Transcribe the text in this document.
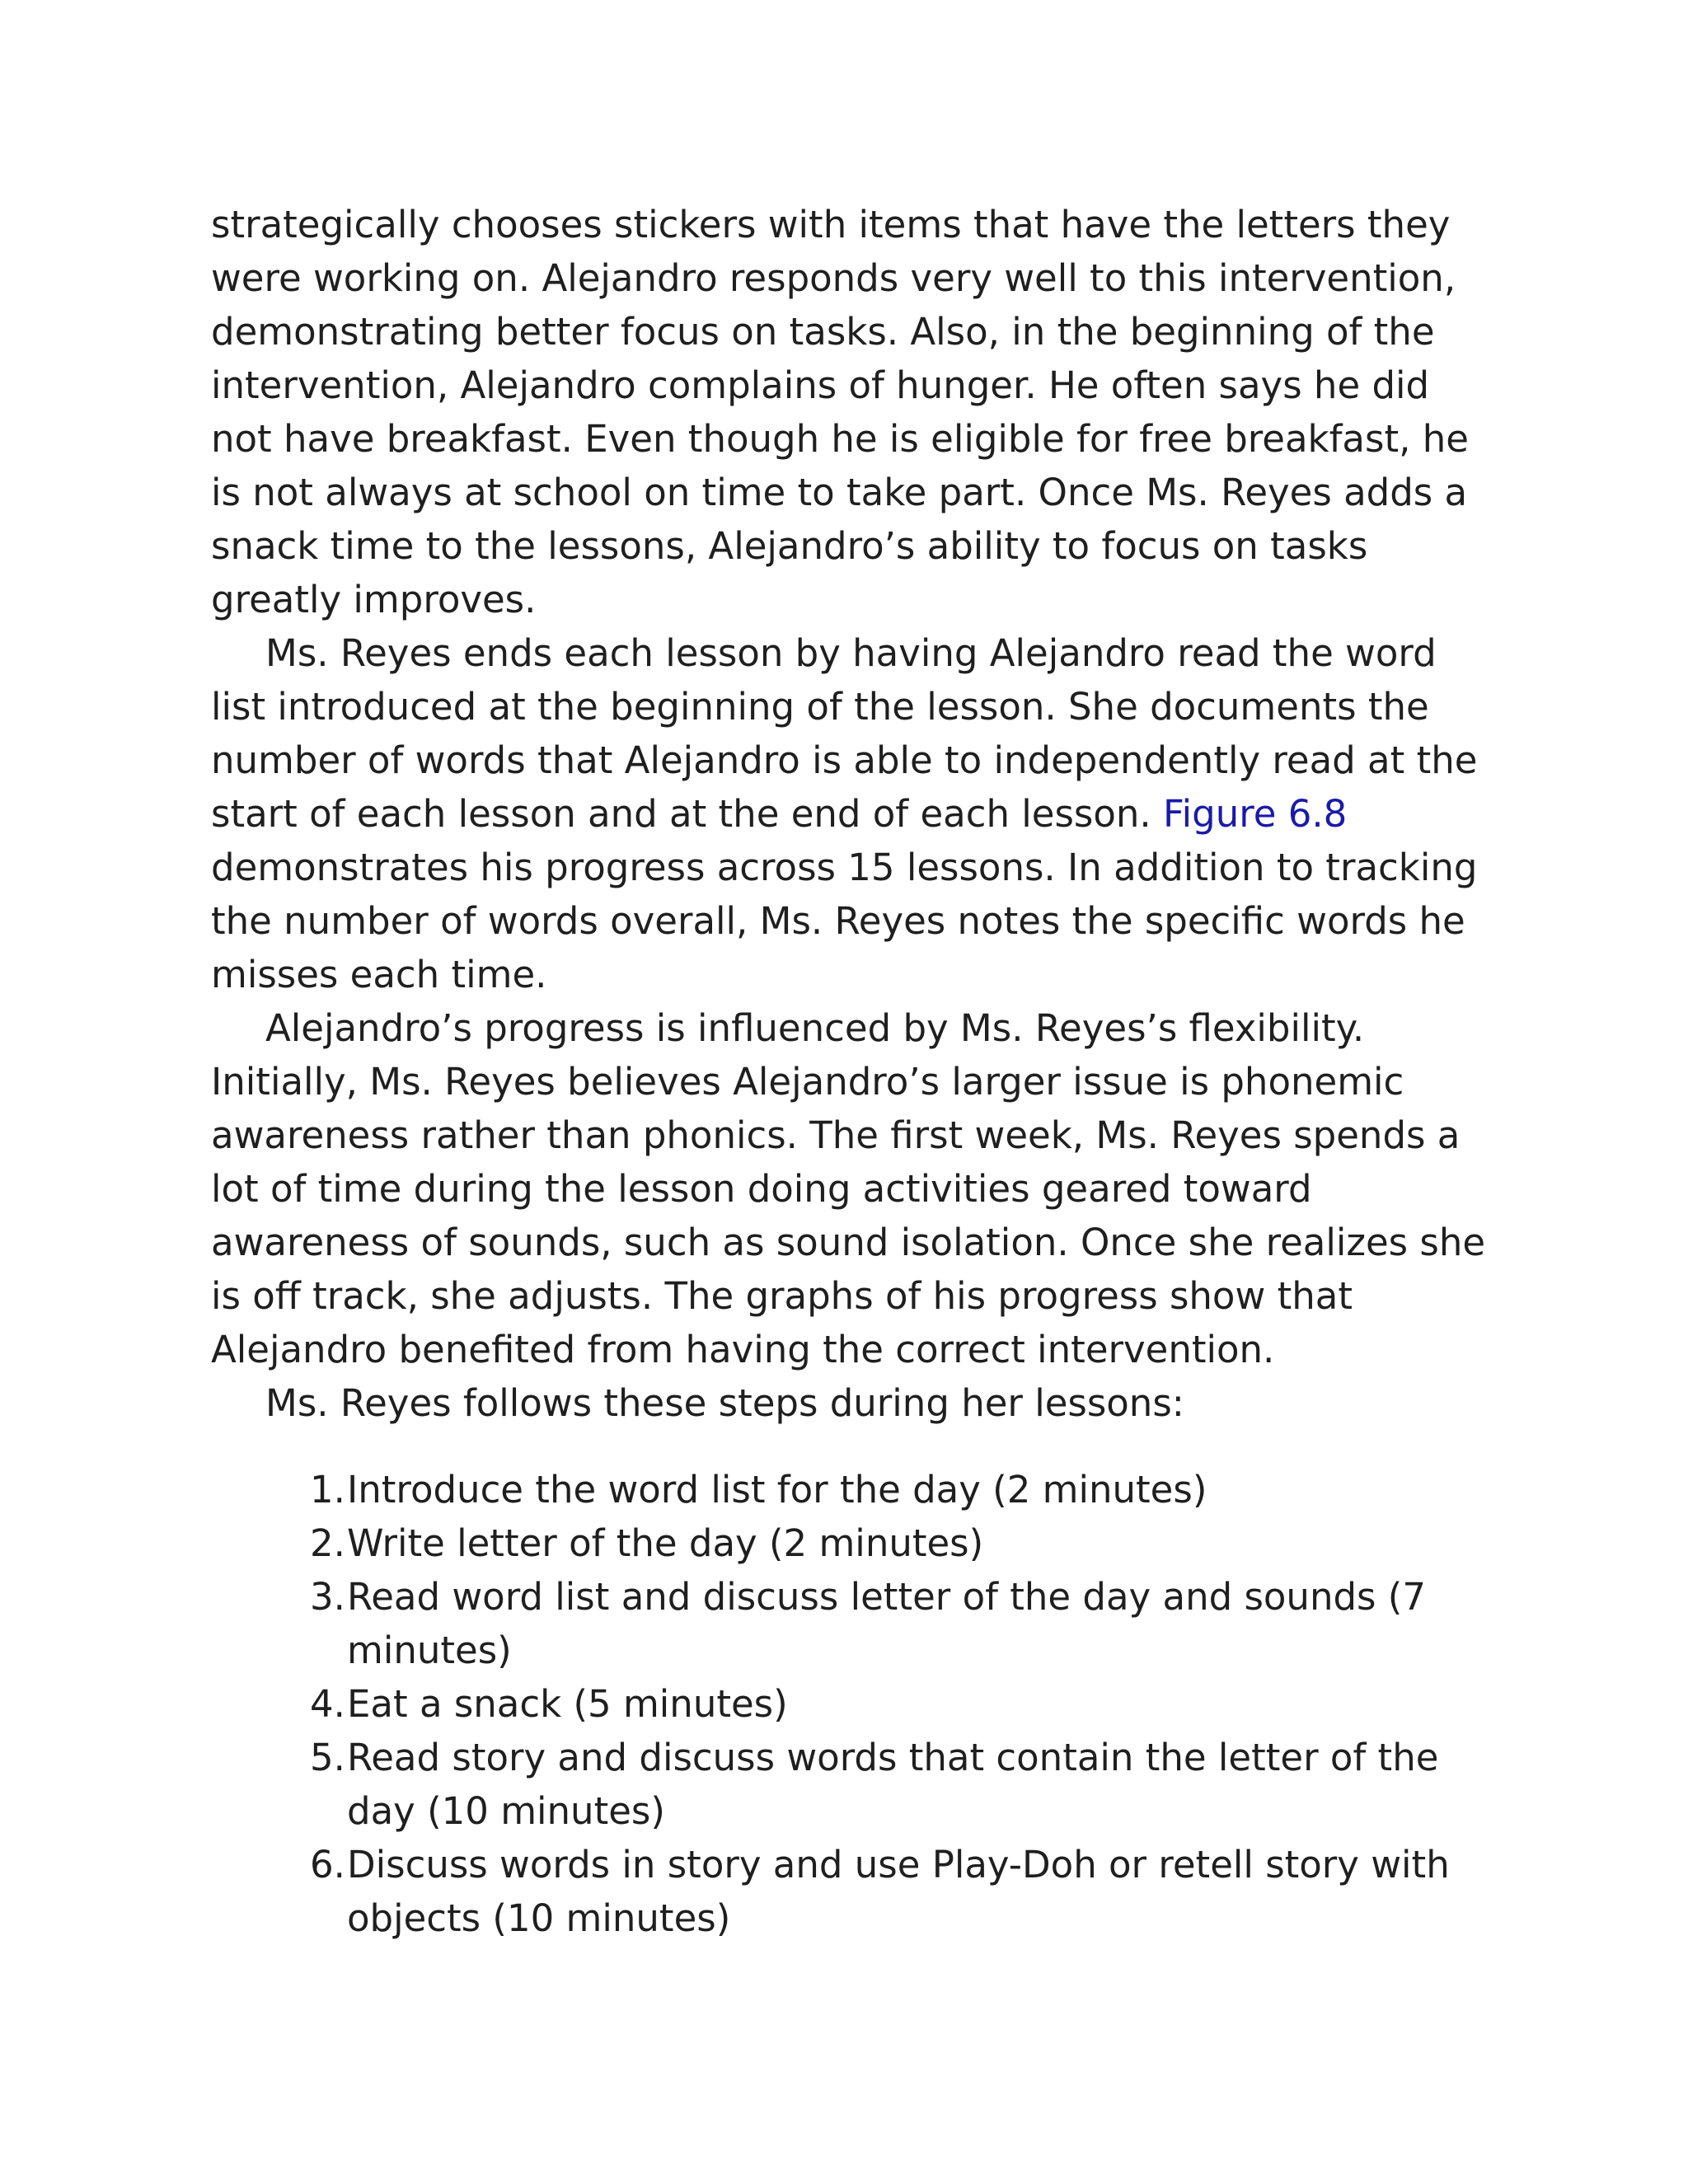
strategically chooses stickers with items that have the letters they were working on. Alejandro responds very well to this intervention, demonstrating better focus on tasks. Also, in the beginning of the intervention, Alejandro complains of hunger. He often says he did not have breakfast. Even though he is eligible for free breakfast, he is not always at school on time to take part. Once Ms. Reyes adds a snack time to the lessons, Alejandro’s ability to focus on tasks greatly improves.

Ms. Reyes ends each lesson by having Alejandro read the word list introduced at the beginning of the lesson. She documents the number of words that Alejandro is able to independently read at the start of each lesson and at the end of each lesson. Figure 6.8 demonstrates his progress across 15 lessons. In addition to tracking the number of words overall, Ms. Reyes notes the specific words he misses each time.

Alejandro’s progress is influenced by Ms. Reyes’s flexibility. Initially, Ms. Reyes believes Alejandro’s larger issue is phonemic awareness rather than phonics. The first week, Ms. Reyes spends a lot of time during the lesson doing activities geared toward awareness of sounds, such as sound isolation. Once she realizes she is off track, she adjusts. The graphs of his progress show that Alejandro benefited from having the correct intervention.

Ms. Reyes follows these steps during her lessons:

1. Introduce the word list for the day (2 minutes)
2. Write letter of the day (2 minutes)
3. Read word list and discuss letter of the day and sounds (7 minutes)
4. Eat a snack (5 minutes)
5. Read story and discuss words that contain the letter of the day (10 minutes)
6. Discuss words in story and use Play-Doh or retell story with objects (10 minutes)
